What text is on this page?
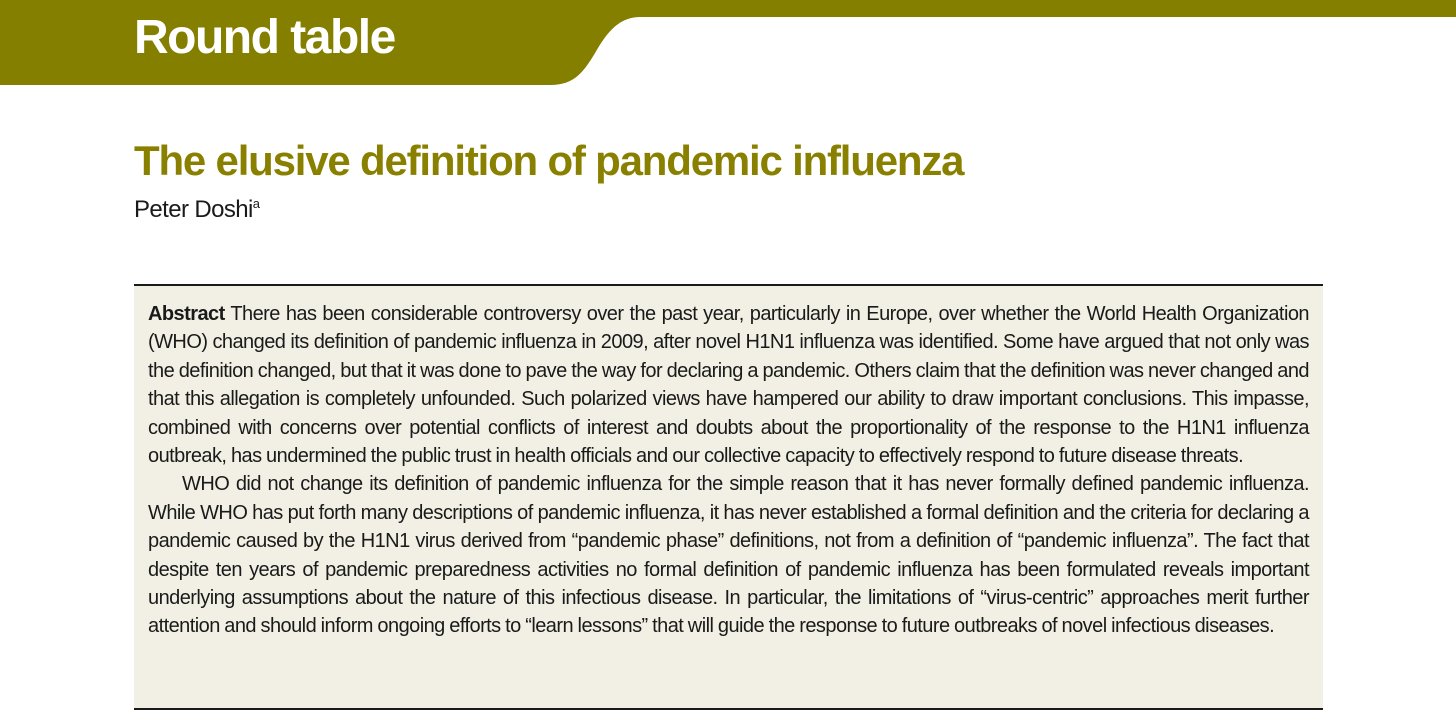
Round table
The elusive definition of pandemic influenza
Peter Doshi$^a$

Abstract There has been considerable controversy over the past year, particularly in Europe, over whether the World Health Organization (WHO) changed its definition of pandemic influenza in 2009, after novel H1N1 influenza was identified. Some have argued that not only was the definition changed, but that it was done to pave the way for declaring a pandemic. Others claim that the definition was never changed and that this allegation is completely unfounded. Such polarized views have hampered our ability to draw important conclusions. This impasse, combined with concerns over potential conflicts of interest and doubts about the proportionality of the response to the H1N1 influenza outbreak, has undermined the public trust in health officials and our collective capacity to effectively respond to future disease threats.

WHO did not change its definition of pandemic influenza for the simple reason that it has never formally defined pandemic influenza. While WHO has put forth many descriptions of pandemic influenza, it has never established a formal definition and the criteria for declaring a pandemic caused by the H1N1 virus derived from “pandemic phase” definitions, not from a definition of “pandemic influenza”. The fact that despite ten years of pandemic preparedness activities no formal definition of pandemic influenza has been formulated reveals important underlying assumptions about the nature of this infectious disease. In particular, the limitations of “virus-centric” approaches merit further attention and should inform ongoing efforts to “learn lessons” that will guide the response to future outbreaks of novel infectious diseases.
